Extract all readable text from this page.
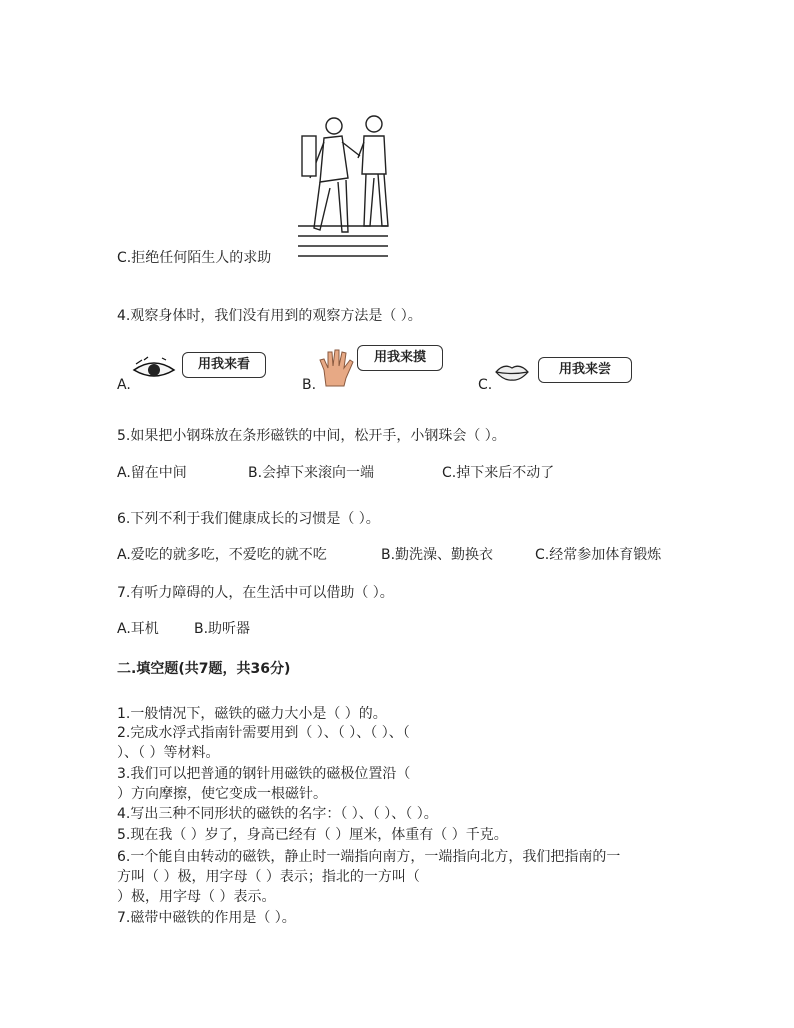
C.拒绝任何陌生人的求助
4.观察身体时，我们没有用到的观察方法是（ ）。
A.
用我来看
B.
用我来摸
C.
用我来尝
5.如果把小钢珠放在条形磁铁的中间，松开手，小钢珠会（ ）。
A.留在中间	B.会掉下来滚向一端	C.掉下来后不动了
6.下列不利于我们健康成长的习惯是（ ）。
A.爱吃的就多吃，不爱吃的就不吃	B.勤洗澡、勤换衣	C.经常参加体育锻炼
7.有听力障碍的人，在生活中可以借助（ ）。
A.耳机	B.助听器
二.填空题(共7题，共36分)
1.一般情况下，磁铁的磁力大小是（ ）的。
2.完成水浮式指南针需要用到（ ）、（ ）、（ ）、（
）、（ ）等材料。
3.我们可以把普通的钢针用磁铁的磁极位置沿（
）方向摩擦，使它变成一根磁针。
4.写出三种不同形状的磁铁的名字：（ ）、（ ）、（ ）。
5.现在我（ ）岁了，身高已经有（ ）厘米，体重有（ ）千克。
6.一个能自由转动的磁铁，静止时一端指向南方，一端指向北方，我们把指南的一
方叫（ ）极，用字母（ ）表示；指北的一方叫（
）极，用字母（ ）表示。
7.磁带中磁铁的作用是（ ）。
